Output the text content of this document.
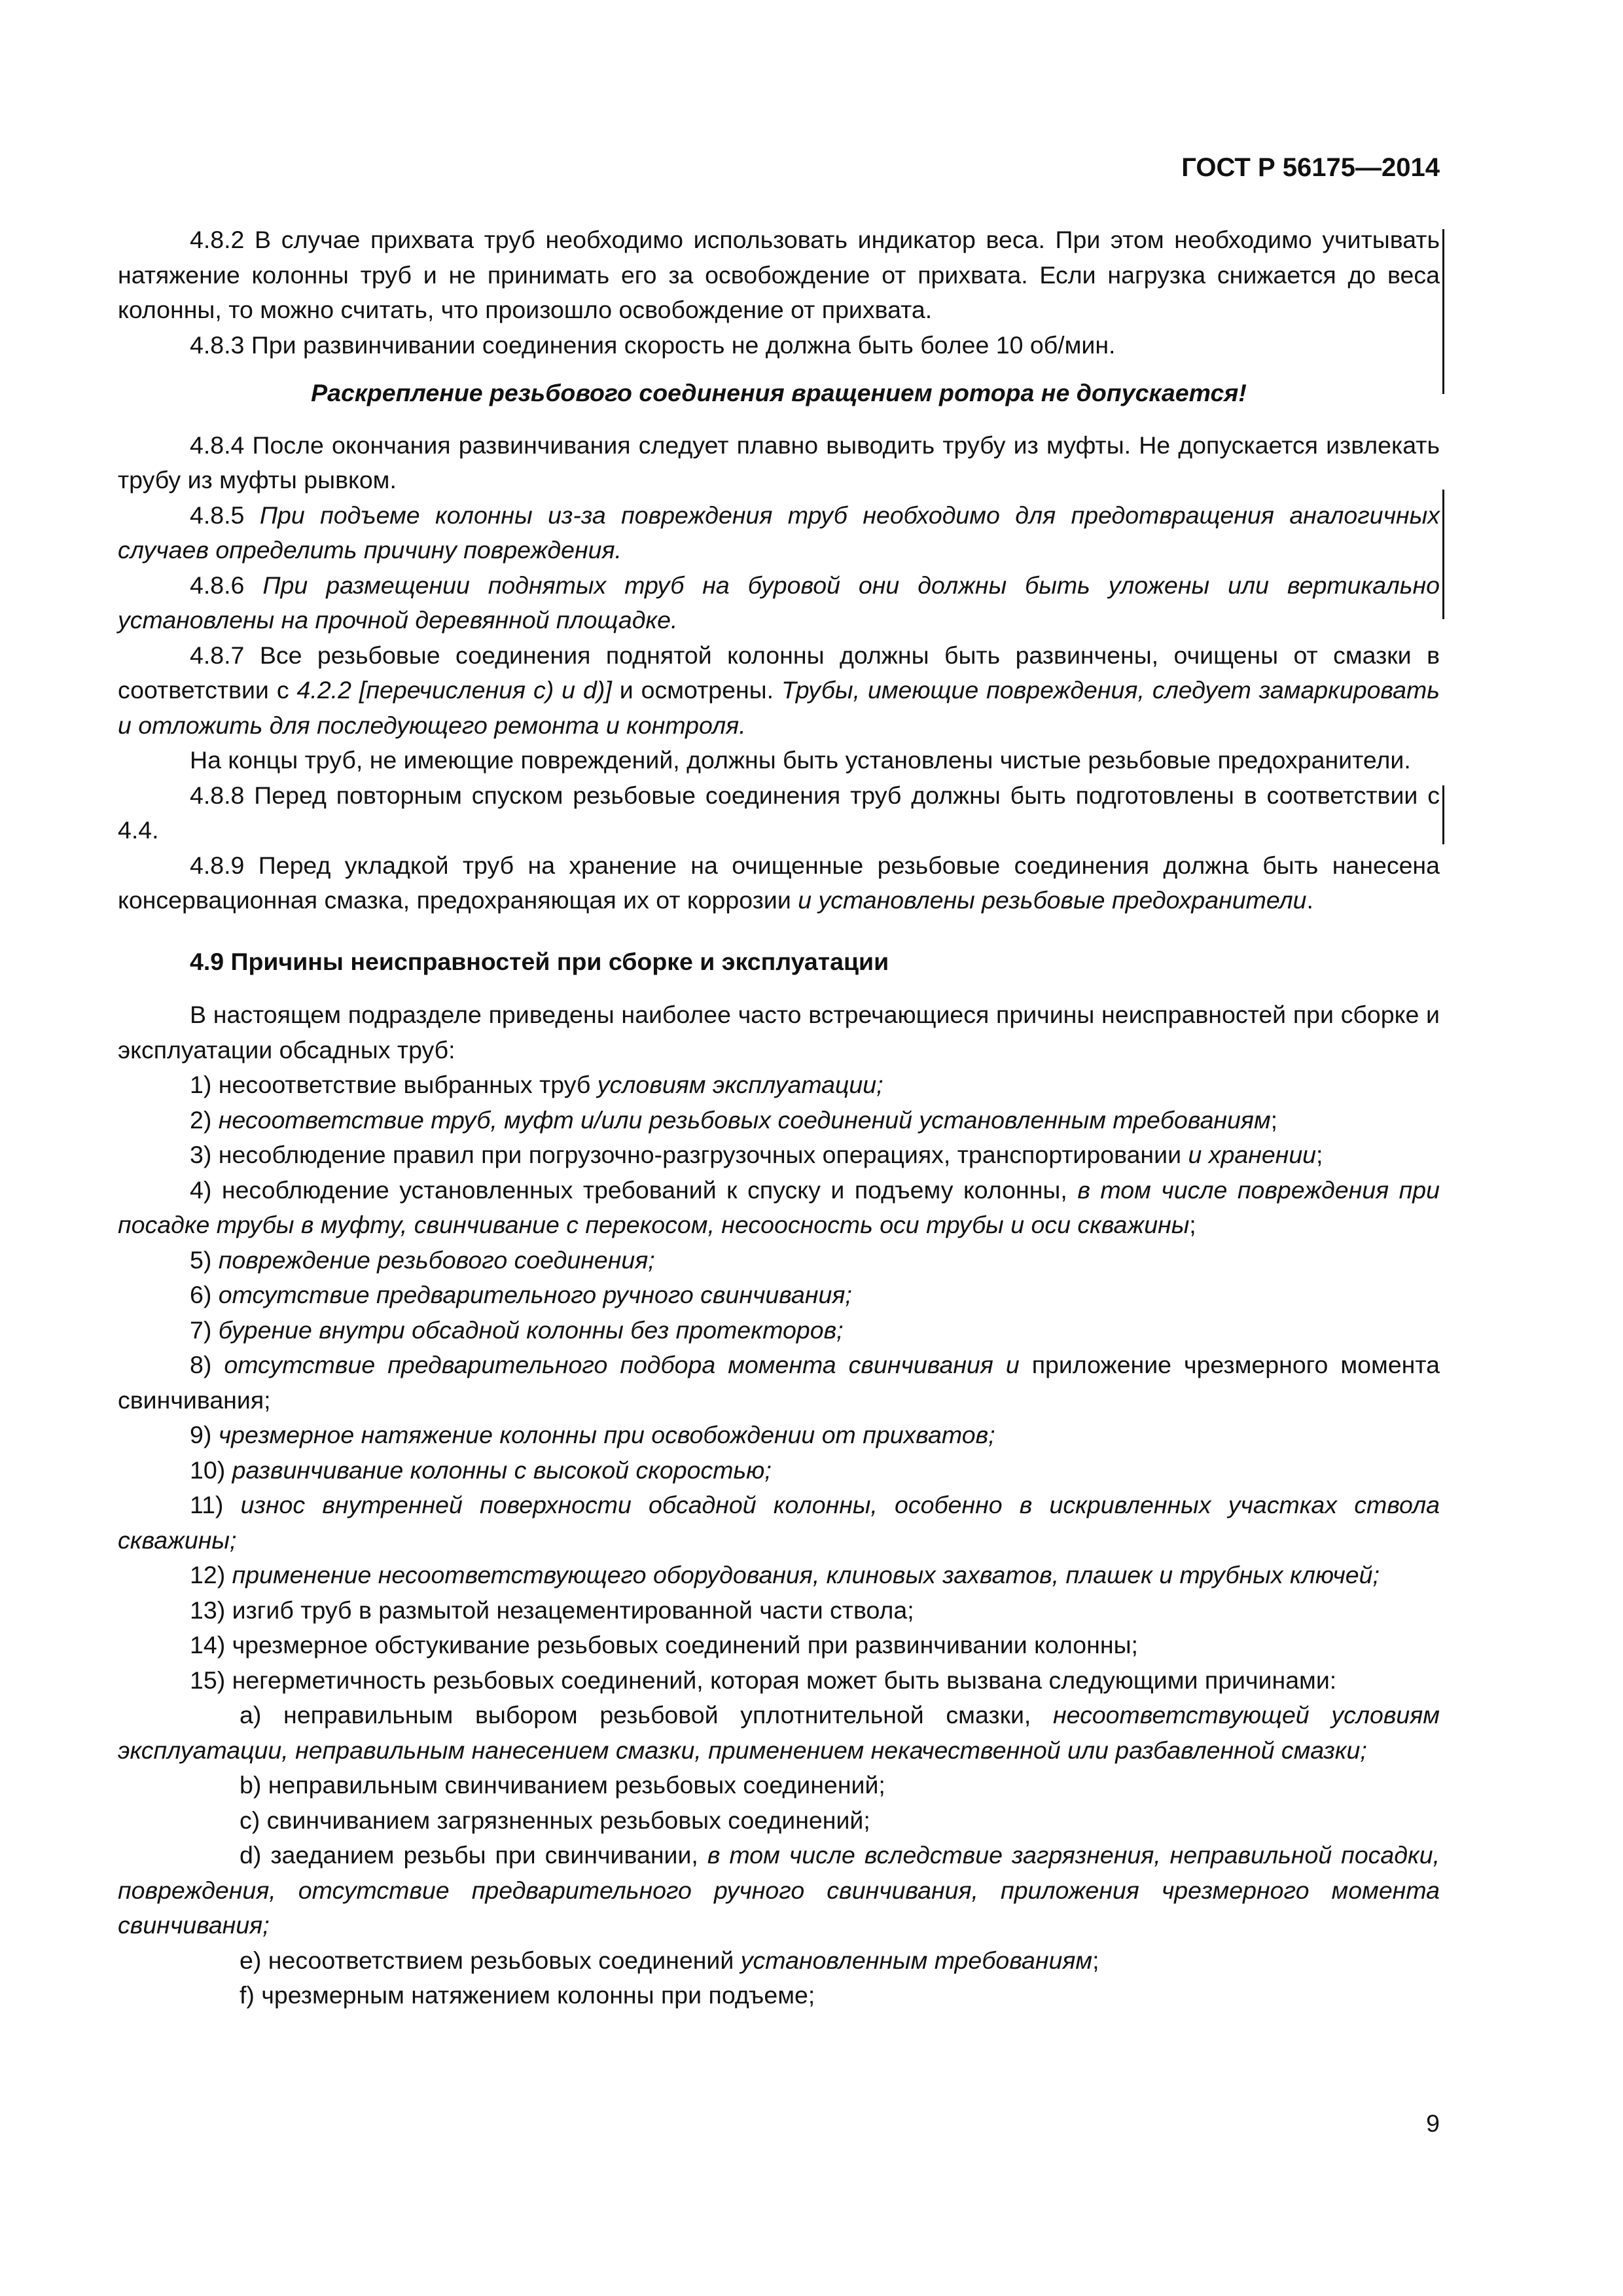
ГОСТ Р 56175—2014

4.8.2 В случае прихвата труб необходимо использовать индикатор веса. При этом необходимо учитывать натяжение колонны труб и не принимать его за освобождение от прихвата. Если нагрузка снижается до веса колонны, то можно считать, что произошло освобождение от прихвата.

4.8.3 При развинчивании соединения скорость не должна быть более 10 об/мин.

Раскрепление резьбового соединения вращением ротора не допускается!

4.8.4 После окончания развинчивания следует плавно выводить трубу из муфты. Не допускается извлекать трубу из муфты рывком.

4.8.5 При подъеме колонны из-за повреждения труб необходимо для предотвращения аналогичных случаев определить причину повреждения.

4.8.6 При размещении поднятых труб на буровой они должны быть уложены или вертикально установлены на прочной деревянной площадке.

4.8.7 Все резьбовые соединения поднятой колонны должны быть развинчены, очищены от смазки в соответствии с 4.2.2 [перечисления с) и d)] и осмотрены. Трубы, имеющие повреждения, следует замаркировать и отложить для последующего ремонта и контроля.

На концы труб, не имеющие повреждений, должны быть установлены чистые резьбовые предохранители.

4.8.8 Перед повторным спуском резьбовые соединения труб должны быть подготовлены в соответствии с 4.4.

4.8.9 Перед укладкой труб на хранение на очищенные резьбовые соединения должна быть нанесена консервационная смазка, предохраняющая их от коррозии и установлены резьбовые предохранители.

4.9 Причины неисправностей при сборке и эксплуатации

В настоящем подразделе приведены наиболее часто встречающиеся причины неисправностей при сборке и эксплуатации обсадных труб:

1) несоответствие выбранных труб условиям эксплуатации;

2) несоответствие труб, муфт и/или резьбовых соединений установленным требованиям;

3) несоблюдение правил при погрузочно-разгрузочных операциях, транспортировании и хранении;

4) несоблюдение установленных требований к спуску и подъему колонны, в том числе повреждения при посадке трубы в муфту, свинчивание с перекосом, несоосность оси трубы и оси скважины;

5) повреждение резьбового соединения;

6) отсутствие предварительного ручного свинчивания;

7) бурение внутри обсадной колонны без протекторов;

8) отсутствие предварительного подбора момента свинчивания и приложение чрезмерного момента свинчивания;

9) чрезмерное натяжение колонны при освобождении от прихватов;

10) развинчивание колонны с высокой скоростью;

11) износ внутренней поверхности обсадной колонны, особенно в искривленных участках ствола скважины;

12) применение несоответствующего оборудования, клиновых захватов, плашек и трубных ключей;

13) изгиб труб в размытой незацементированной части ствола;

14) чрезмерное обстукивание резьбовых соединений при развинчивании колонны;

15) негерметичность резьбовых соединений, которая может быть вызвана следующими причинами:

a) неправильным выбором резьбовой уплотнительной смазки, несоответствующей условиям эксплуатации, неправильным нанесением смазки, применением некачественной или разбавленной смазки;

b) неправильным свинчиванием резьбовых соединений;

c) свинчиванием загрязненных резьбовых соединений;

d) заеданием резьбы при свинчивании, в том числе вследствие загрязнения, неправильной посадки, повреждения, отсутствие предварительного ручного свинчивания, приложения чрезмерного момента свинчивания;

e) несоответствием резьбовых соединений установленным требованиям;

f) чрезмерным натяжением колонны при подъеме;

9
